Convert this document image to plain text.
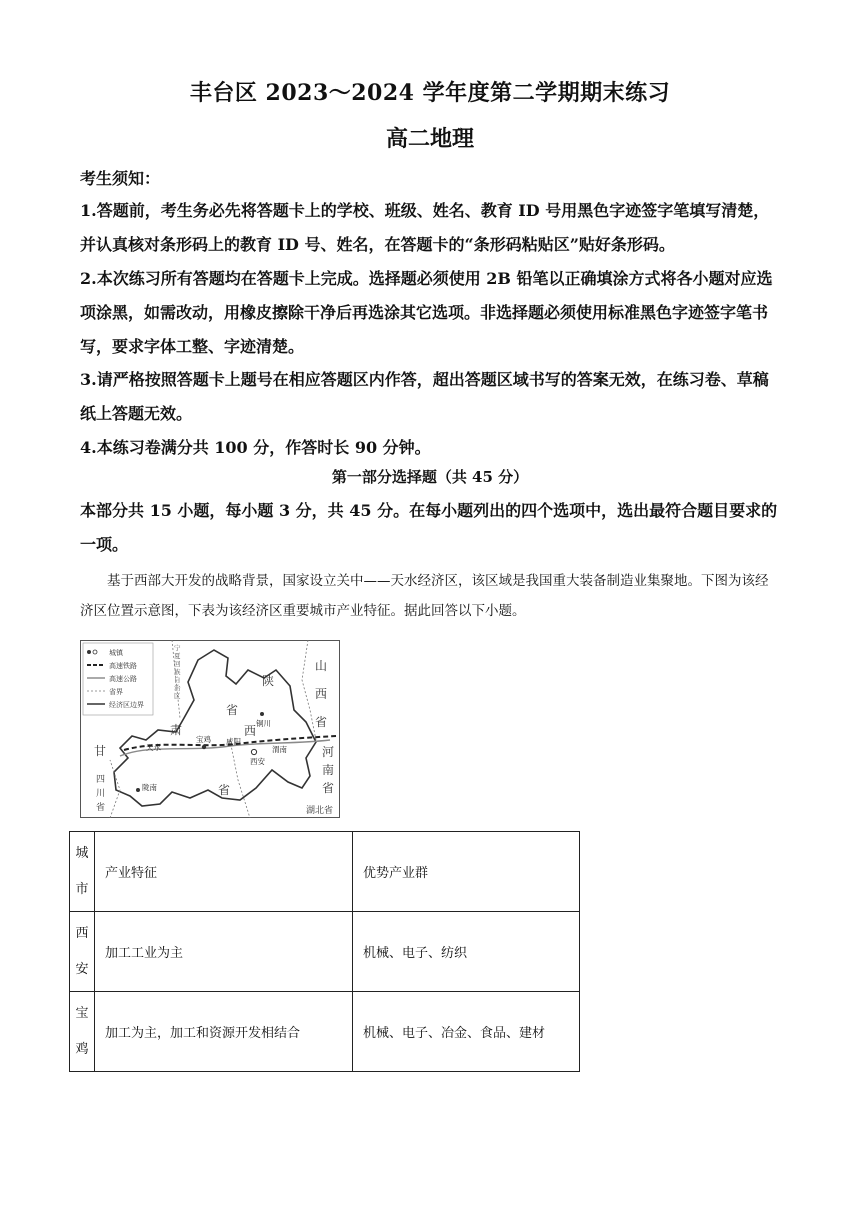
丰台区 2023～2024 学年度第二学期期末练习
高二地理
考生须知：
1.答题前，考生务必先将答题卡上的学校、班级、姓名、教育 ID 号用黑色字迹签字笔填写清楚，并认真核对条形码上的教育 ID 号、姓名，在答题卡的“条形码粘贴区”贴好条形码。
2.本次练习所有答题均在答题卡上完成。选择题必须使用 2B 铅笔以正确填涂方式将各小题对应选项涂黑，如需改动，用橡皮擦除干净后再选涂其它选项。非选择题必须使用标准黑色字迹签字笔书写，要求字体工整、字迹清楚。
3.请严格按照答题卡上题号在相应答题区内作答，超出答题区域书写的答案无效，在练习卷、草稿纸上答题无效。
4.本练习卷满分共 100 分，作答时长 90 分钟。
第一部分选择题（共 45 分）
本部分共 15 小题，每小题 3 分，共 45 分。在每小题列出的四个选项中，选出最符合题目要求的一项。
基于西部大开发的战略背景，国家设立关中——天水经济区，该区域是我国重大装备制造业集聚地。下图为该经济区位置示意图，下表为该经济区重要城市产业特征。据此回答以下小题。
城镇
高速铁路
高速公路
省界
经济区边界
陕
西
省
山
西
省
甘
肃
省
河
南
省
四
川
省	湖北省
宁
夏
回
族
自
治
区
天水
宝鸡 咸阳
西安
渭南
铜川
陇南
城
市	产业特征	优势产业群

西
安	加工工业为主	机械、电子、纺织

宝
鸡	加工为主，加工和资源开发相结合	机械、电子、冶金、食品、建材
